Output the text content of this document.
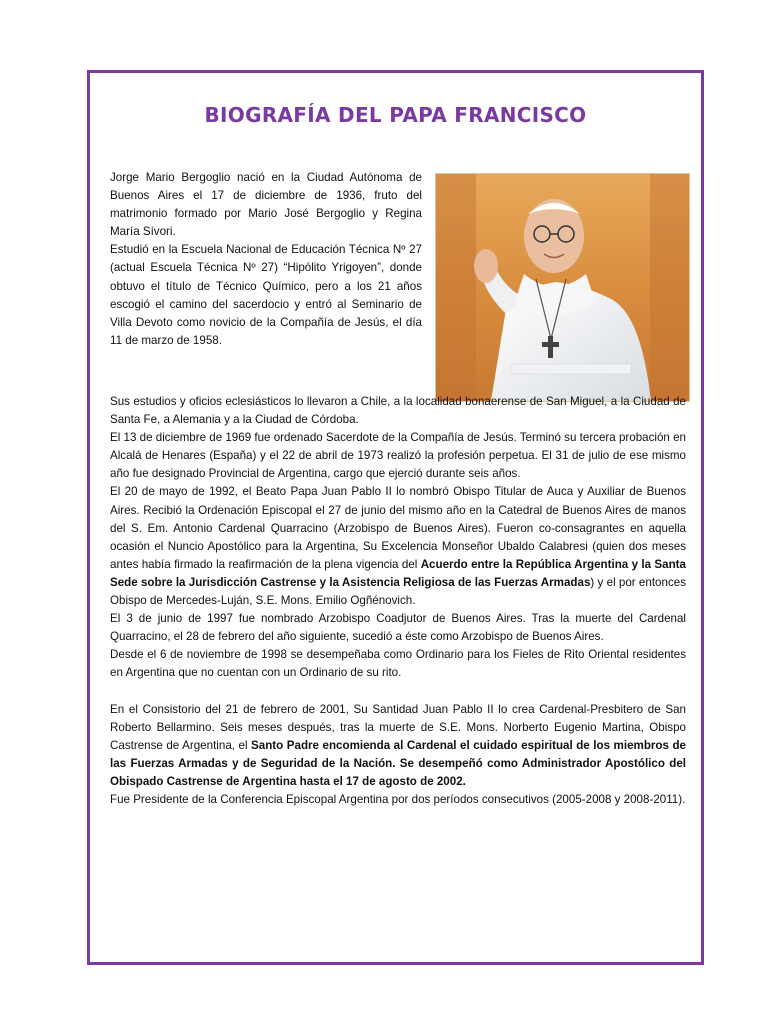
BIOGRAFÍA DEL PAPA FRANCISCO

Jorge Mario Bergoglio nació en la Ciudad Autónoma de Buenos Aires el 17 de diciembre de 1936, fruto del matrimonio formado por Mario José Bergoglio y Regina María Sívori.

Estudió en la Escuela Nacional de Educación Técnica Nº 27 (actual Escuela Técnica Nº 27) “Hipólito Yrigoyen”, donde obtuvo el título de Técnico Químico, pero a los 21 años escogió el camino del sacerdocio y entró al Seminario de Villa Devoto como novicio de la Compañía de Jesús, el día 11 de marzo de 1958.

Sus estudios y oficios eclesiásticos lo llevaron a Chile, a la localidad bonaerense de San Miguel, a la Ciudad de Santa Fe, a Alemania y a la Ciudad de Córdoba.

El 13 de diciembre de 1969 fue ordenado Sacerdote de la Compañía de Jesús. Terminó su tercera probación en Alcalá de Henares (España) y el 22 de abril de 1973 realizó la profesión perpetua. El 31 de julio de ese mismo año fue designado Provincial de Argentina, cargo que ejerció durante seis años.

El 20 de mayo de 1992, el Beato Papa Juan Pablo II lo nombró Obispo Titular de Auca y Auxiliar de Buenos Aires. Recibió la Ordenación Episcopal el 27 de junio del mismo año en la Catedral de Buenos Aires de manos del S. Em. Antonio Cardenal Quarracino (Arzobispo de Buenos Aires). Fueron co-consagrantes en aquella ocasión el Nuncio Apostólico para la Argentina, Su Excelencia Monseñor Ubaldo Calabresi (quien dos meses antes había firmado la reafirmación de la plena vigencia del Acuerdo entre la República Argentina y la Santa Sede sobre la Jurisdicción Castrense y la Asistencia Religiosa de las Fuerzas Armadas) y el por entonces Obispo de Mercedes-Luján, S.E. Mons. Emilio Ogñénovich.

El 3 de junio de 1997 fue nombrado Arzobispo Coadjutor de Buenos Aires. Tras la muerte del Cardenal Quarracino, el 28 de febrero del año siguiente, sucedió a éste como Arzobispo de Buenos Aires.

Desde el 6 de noviembre de 1998 se desempeñaba como Ordinario para los Fieles de Rito Oriental residentes en Argentina que no cuentan con un Ordinario de su rito.

En el Consistorio del 21 de febrero de 2001, Su Santidad Juan Pablo II lo crea Cardenal-Presbitero de San Roberto Bellarmino. Seis meses después, tras la muerte de S.E. Mons. Norberto Eugenio Martina, Obispo Castrense de Argentina, el Santo Padre encomienda al Cardenal el cuidado espiritual de los miembros de las Fuerzas Armadas y de Seguridad de la Nación. Se desempeñó como Administrador Apostólico del Obispado Castrense de Argentina hasta el 17 de agosto de 2002.

Fue Presidente de la Conferencia Episcopal Argentina por dos períodos consecutivos (2005-2008 y 2008-2011).
